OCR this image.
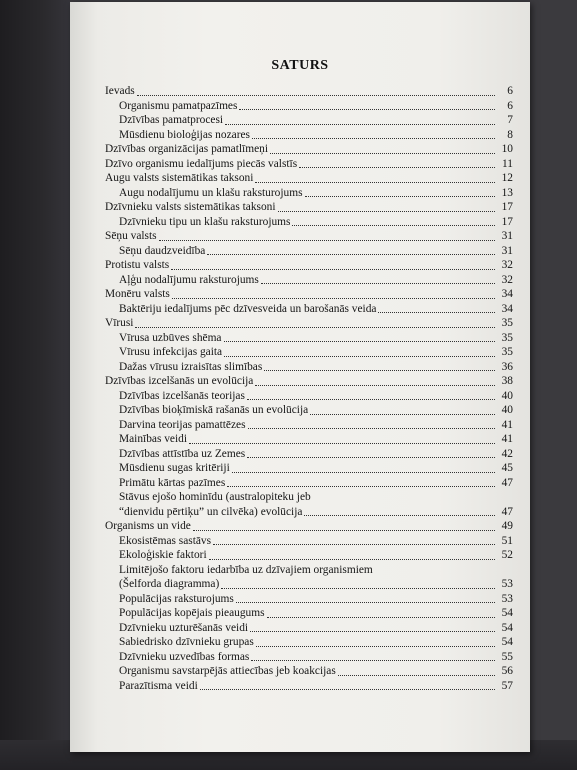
SATURS
Ievads	6
Organismu pamatpazīmes	6
Dzīvības pamatprocesi	7
Mūsdienu bioloģijas nozares	8
Dzīvības organizācijas pamatlīmeņi	10
Dzīvo organismu iedalījums piecās valstīs	11
Augu valsts sistemātikas taksoni	12
Augu nodalījumu un klašu raksturojums	13
Dzīvnieku valsts sistemātikas taksoni	17
Dzīvnieku tipu un klašu raksturojums	17
Sēņu valsts	31
Sēņu daudzveidība	31
Protistu valsts	32
Aļģu nodalījumu raksturojums	32
Monēru valsts	34
Baktēriju iedalījums pēc dzīvesveida un barošanās veida	34
Vīrusi	35
Vīrusa uzbūves shēma	35
Vīrusu infekcijas gaita	35
Dažas vīrusu izraisītas slimības	36
Dzīvības izcelšanās un evolūcija	38
Dzīvības izcelšanās teorijas	40
Dzīvības bioķīmiskā rašanās un evolūcija	40
Darvina teorijas pamattēzes	41
Mainības veidi	41
Dzīvības attīstība uz Zemes	42
Mūsdienu sugas kritēriji	45
Primātu kārtas pazīmes	47
Stāvus ejošo hominīdu (australopiteku jeb
“dienvidu pērtiķu” un cilvēka) evolūcija	47
Organisms un vide	49
Ekosistēmas sastāvs	51
Ekoloģiskie faktori	52
Limitējošo faktoru iedarbība uz dzīvajiem organismiem
(Šelforda diagramma)	53
Populācijas raksturojums	53
Populācijas kopējais pieaugums	54
Dzīvnieku uzturēšanās veidi	54
Sabiedrisko dzīvnieku grupas	54
Dzīvnieku uzvedības formas	55
Organismu savstarpējās attiecības jeb koakcijas	56
Parazītisma veidi	57
